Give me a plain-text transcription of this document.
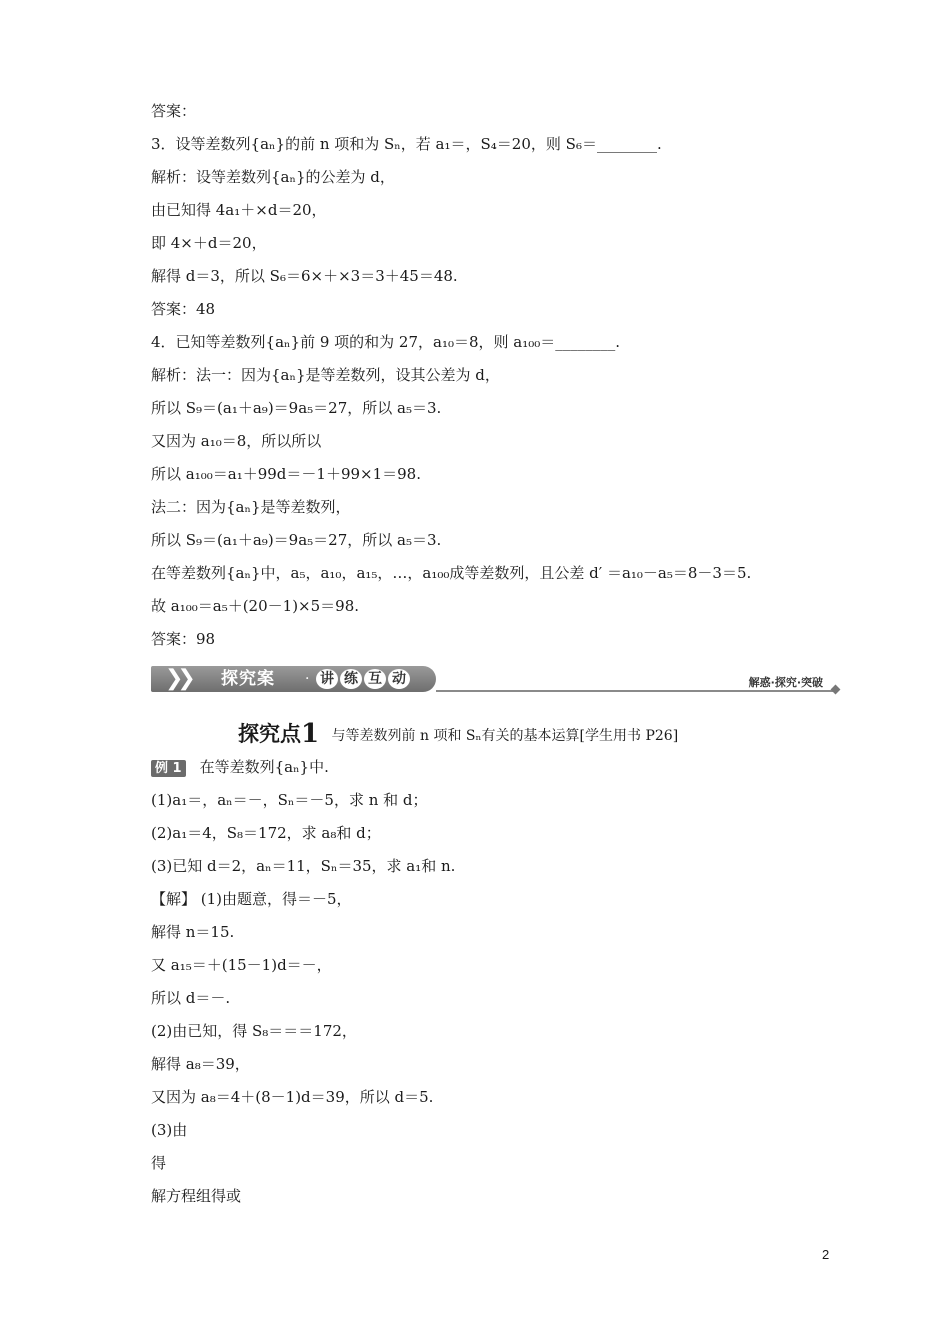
答案：
3．设等差数列{aₙ}的前 n 项和为 Sₙ，若 a₁＝，S₄＝20，则 S₆＝________.
解析：设等差数列{aₙ}的公差为 d，
由已知得 4a₁＋×d＝20，
即 4×＋d＝20，
解得 d＝3，所以 S₆＝6×＋×3＝3＋45＝48.
答案：48
4．已知等差数列{aₙ}前 9 项的和为 27，a₁₀＝8，则 a₁₀₀＝________.
解析：法一：因为{aₙ}是等差数列，设其公差为 d，
所以 S₉＝(a₁＋a₉)＝9a₅＝27，所以 a₅＝3.
又因为 a₁₀＝8，所以所以
所以 a₁₀₀＝a₁＋99d＝－1＋99×1＝98.
法二：因为{aₙ}是等差数列，
所以 S₉＝(a₁＋a₉)＝9a₅＝27，所以 a₅＝3.
在等差数列{aₙ}中，a₅，a₁₀，a₁₅，…，a₁₀₀成等差数列，且公差 d′ ＝a₁₀－a₅＝8－3＝5.
故 a₁₀₀＝a₅＋(20－1)×5＝98.
答案：98
❯❯ 探究案 · 讲 练 互 动	解惑·探究·突破
探究点1 与等差数列前 n 项和 Sₙ有关的基本运算[学生用书 P26]
例 1 在等差数列{aₙ}中.
(1)a₁＝，aₙ＝－，Sₙ＝－5，求 n 和 d；
(2)a₁＝4，S₈＝172，求 a₈和 d；
(3)已知 d＝2，aₙ＝11，Sₙ＝35，求 a₁和 n.
【解】 (1)由题意，得＝－5，
解得 n＝15.
又 a₁₅＝＋(15－1)d＝－，
所以 d＝－.
(2)由已知，得 S₈＝＝＝172，
解得 a₈＝39，
又因为 a₈＝4＋(8－1)d＝39，所以 d＝5.
(3)由
得
解方程组得或
2
